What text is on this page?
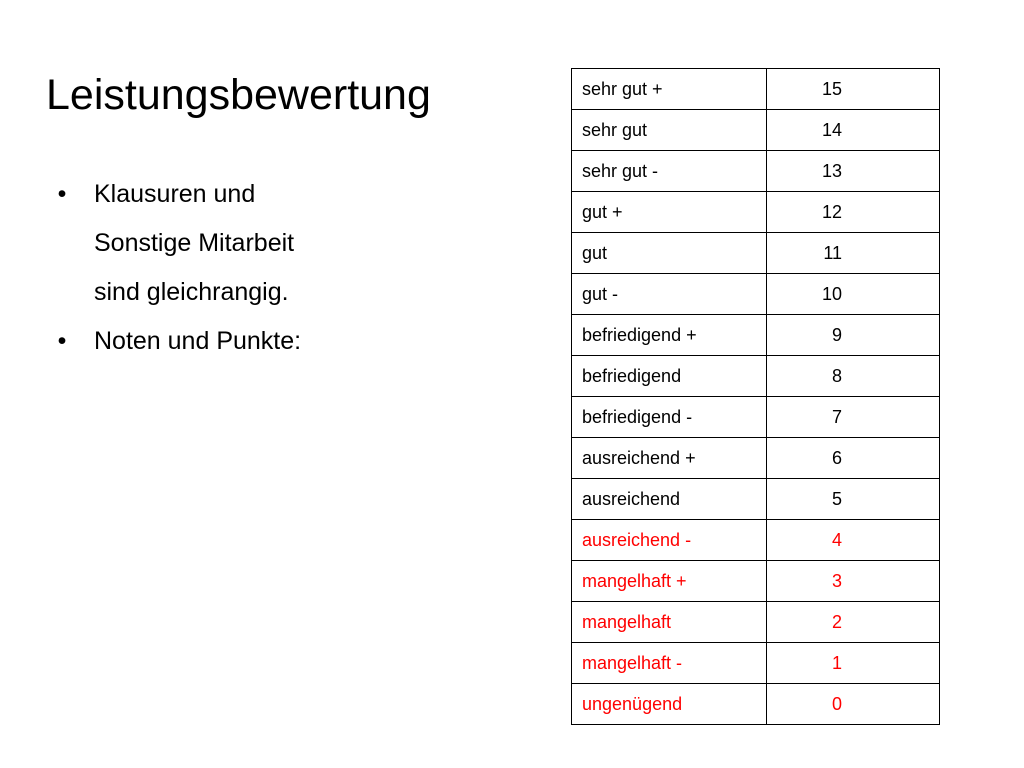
Leistungsbewertung
• Klausuren und
Sonstige Mitarbeit
sind gleichrangig.
• Noten und Punkte:
sehr gut +	15
sehr gut	14
sehr gut -	13
gut +	12
gut	11
gut -	10
befriedigend +	9
befriedigend	8
befriedigend -	7
ausreichend +	6
ausreichend	5
ausreichend -	4
mangelhaft +	3
mangelhaft	2
mangelhaft -	1
ungenügend	0
